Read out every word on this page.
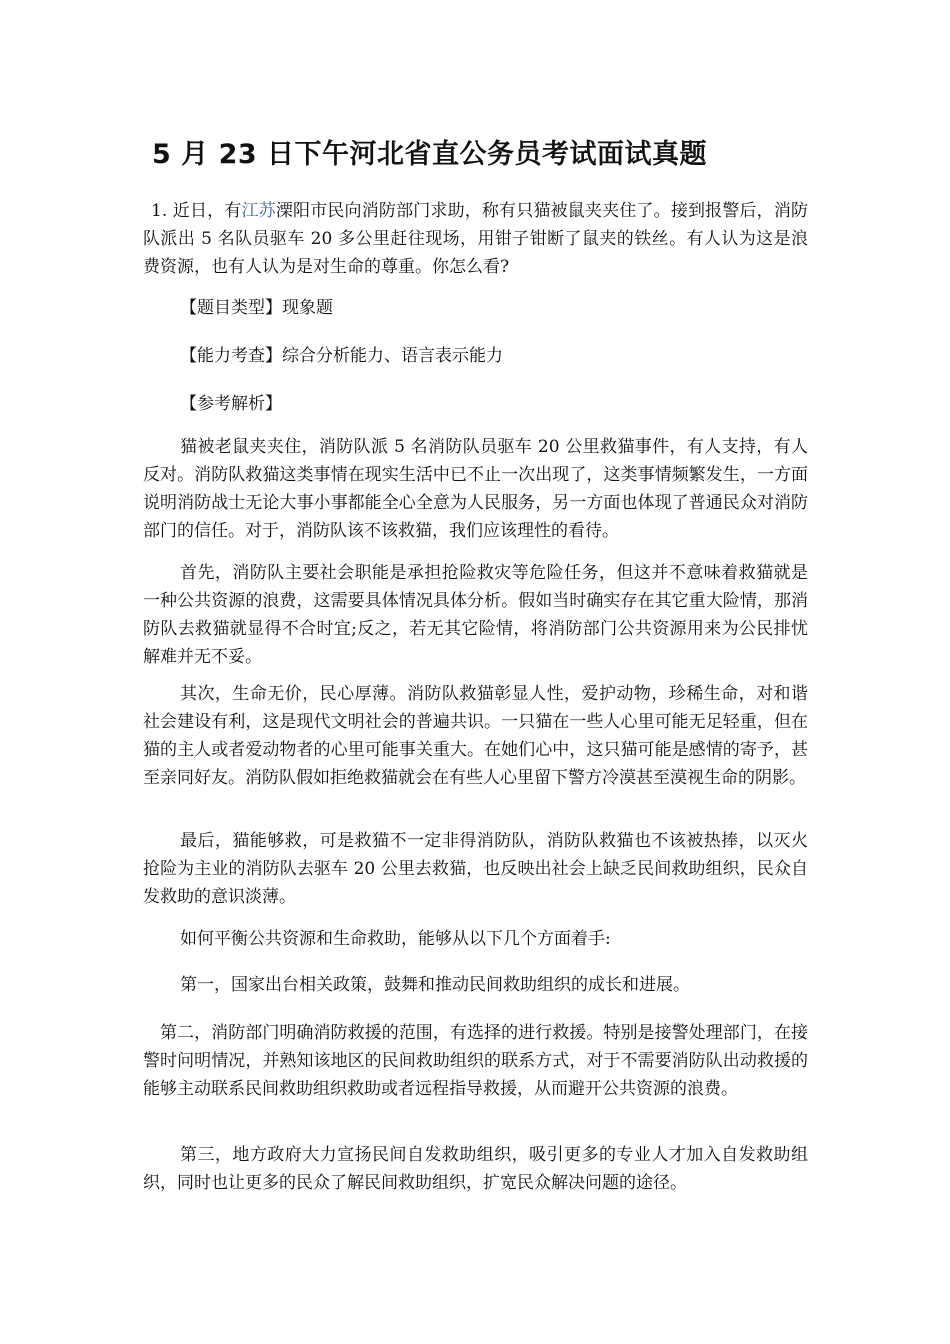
5 月 23 日下午河北省直公务员考试面试真题

1. 近日，有江苏溧阳市民向消防部门求助，称有只猫被鼠夹夹住了。接到报警后，消防队派出 5 名队员驱车 20 多公里赶往现场，用钳子钳断了鼠夹的铁丝。有人认为这是浪费资源，也有人认为是对生命的尊重。你怎么看?

【题目类型】现象题

【能力考查】综合分析能力、语言表示能力

【参考解析】

猫被老鼠夹夹住，消防队派 5 名消防队员驱车 20 公里救猫事件，有人支持，有人反对。消防队救猫这类事情在现实生活中已不止一次出现了，这类事情频繁发生，一方面说明消防战士无论大事小事都能全心全意为人民服务，另一方面也体现了普通民众对消防部门的信任。对于，消防队该不该救猫，我们应该理性的看待。

首先，消防队主要社会职能是承担抢险救灾等危险任务，但这并不意味着救猫就是一种公共资源的浪费，这需要具体情况具体分析。假如当时确实存在其它重大险情，那消防队去救猫就显得不合时宜;反之，若无其它险情，将消防部门公共资源用来为公民排忧解难并无不妥。

其次，生命无价，民心厚薄。消防队救猫彰显人性，爱护动物，珍稀生命，对和谐社会建设有利，这是现代文明社会的普遍共识。一只猫在一些人心里可能无足轻重，但在猫的主人或者爱动物者的心里可能事关重大。在她们心中，这只猫可能是感情的寄予，甚至亲同好友。消防队假如拒绝救猫就会在有些人心里留下警方冷漠甚至漠视生命的阴影。

最后，猫能够救，可是救猫不一定非得消防队，消防队救猫也不该被热捧，以灭火抢险为主业的消防队去驱车 20 公里去救猫，也反映出社会上缺乏民间救助组织，民众自发救助的意识淡薄。

如何平衡公共资源和生命救助，能够从以下几个方面着手:

第一，国家出台相关政策，鼓舞和推动民间救助组织的成长和进展。

第二，消防部门明确消防救援的范围，有选择的进行救援。特别是接警处理部门，在接警时问明情况，并熟知该地区的民间救助组织的联系方式，对于不需要消防队出动救援的能够主动联系民间救助组织救助或者远程指导救援，从而避开公共资源的浪费。

第三，地方政府大力宣扬民间自发救助组织，吸引更多的专业人才加入自发救助组织，同时也让更多的民众了解民间救助组织，扩宽民众解决问题的途径。
